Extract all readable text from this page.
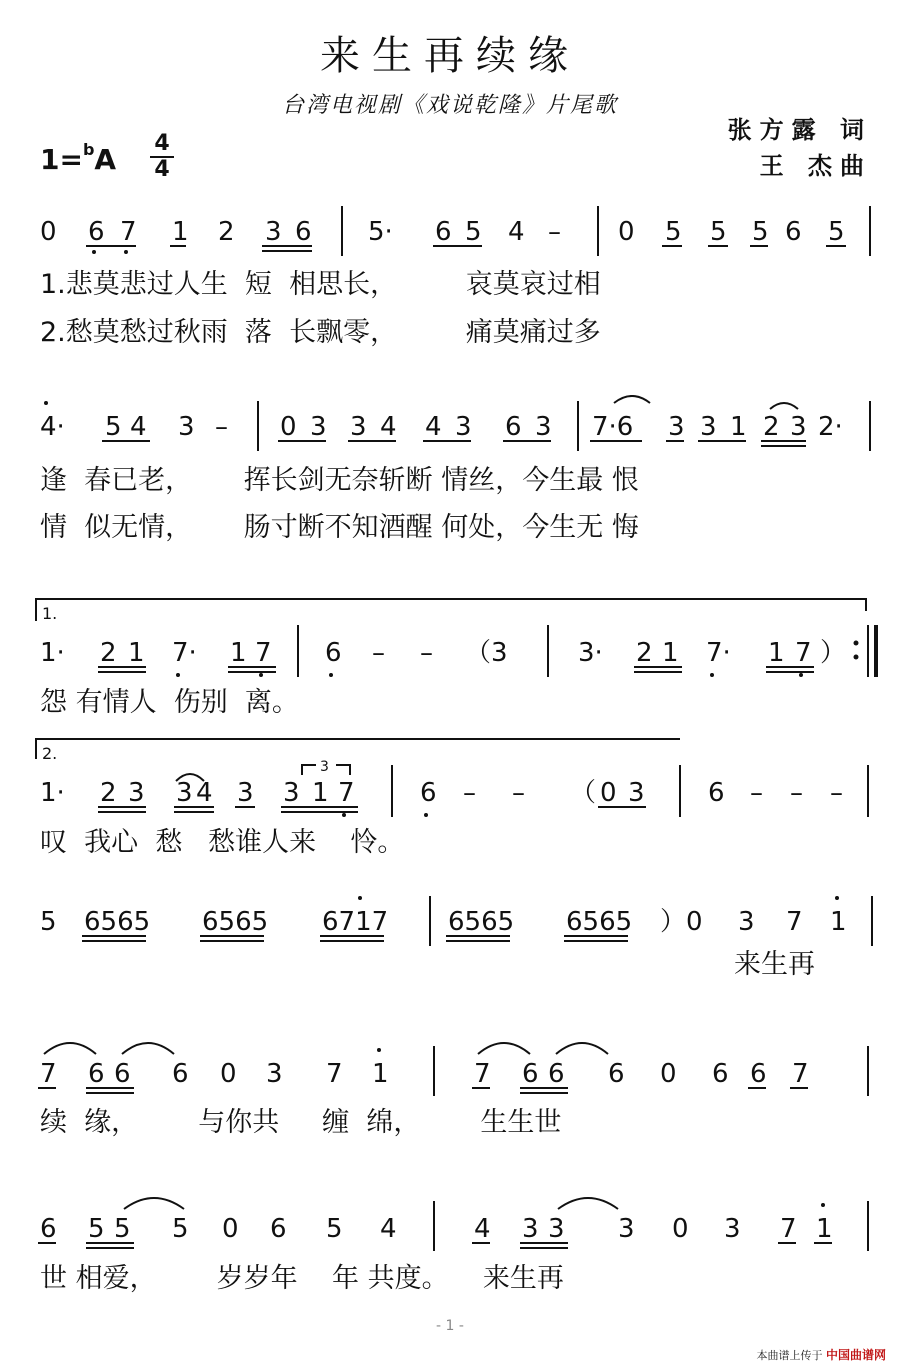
来生再续缘
台湾电视剧《戏说乾隆》片尾歌
张方露 词
王 杰曲
1=$^b$A 4
4
0 6 7 1 2 3 6 5· 6 5 4 – 0 5 5 5 6 5
1.悲莫悲过人生  短  相思长，        哀莫哀过相
2.愁莫愁过秋雨  落  长飘零，        痛莫痛过多
4· 5 4 3 – 0 3 3 4 4 3 6 3 7·6 3 3 1 2 3 2·
逢  春已老，      挥长剑无奈斩断 情丝，今生最 恨
情  似无情，      肠寸断不知酒醒 何处，今生无 悔
1.
1· 2 1 7· 1 7 6 – – （3	3· 2 1 7· 1 7 ）
怨 有情人  伤别  离。
2.
3
1· 2 3 3 4 3 3 1 7	6 – – （ 0 3 6 – – –
叹  我心  愁   愁谁人来    怜。
5 6565 6565 6717 6565 6565 ）0 3 7 1
来生再
7 6 6 6 0 3 7 1	7 6 6 6 0 6 6 7
续  缘，       与你共     缠  绵，       生生世
6 5 5 5 0 6 5 4	4 3 3 3 0 3 7 1
世 相爱，       岁岁年    年 共度。    来生再
- 1 -
本曲谱上传于 中国曲谱网
